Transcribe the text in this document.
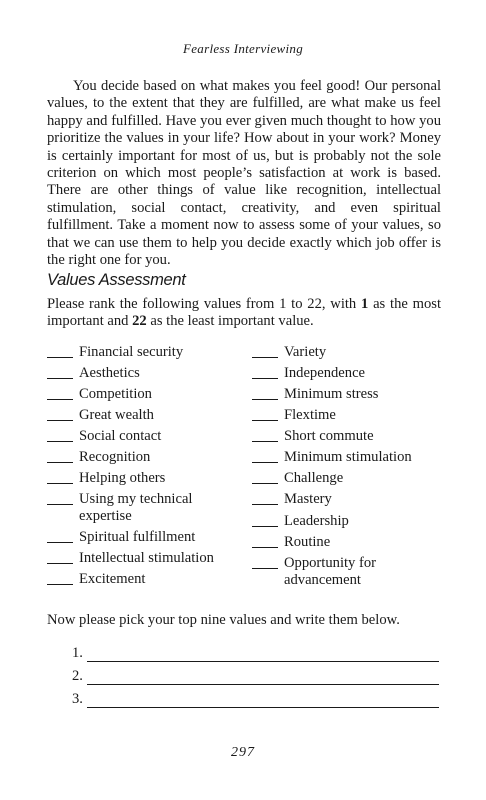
Fearless Interviewing

You decide based on what makes you feel good! Our personal values, to the extent that they are fulfilled, are what make us feel happy and fulfilled. Have you ever given much thought to how you prioritize the values in your life? How about in your work? Money is certainly important for most of us, but is probably not the sole criterion on which most people’s satisfaction at work is based. There are other things of value like recognition, intellectual stimulation, social contact, creativity, and even spiritual fulfillment. Take a moment now to assess some of your values, so that we can use them to help you decide exactly which job offer is the right one for you.

Values Assessment

Please rank the following values from 1 to 22, with 1 as the most important and 22 as the least important value.

Financial security
Aesthetics
Competition
Great wealth
Social contact
Recognition
Helping others
Using my technical expertise
Spiritual fulfillment
Intellectual stimulation
Excitement
Variety
Independence
Minimum stress
Flextime
Short commute
Minimum stimulation
Challenge
Mastery
Leadership
Routine
Opportunity for advancement
Now please pick your top nine values and write them below.
1.
2.
3.
297
